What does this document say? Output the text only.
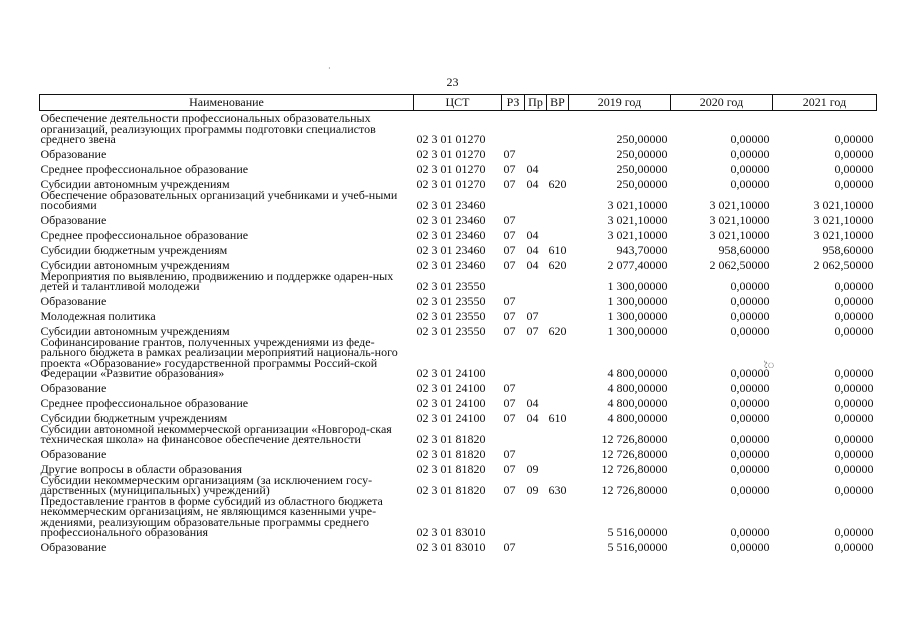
23
·
ৈ
Наименование	ЦСТ	РЗ	Пр	ВР	2019 год	2020 год	2021 год
Обеспечение деятельности профессиональных образовательных организаций, реализующих программы подготовки специалистов среднего звена	02 3 01 01270				250,00000	0,00000	0,00000
Образование	02 3 01 01270	07			250,00000	0,00000	0,00000
Среднее профессиональное образование	02 3 01 01270	07	04		250,00000	0,00000	0,00000
Субсидии автономным учреждениям	02 3 01 01270	07	04	620	250,00000	0,00000	0,00000
Обеспечение образовательных организаций учебниками и учеб-ными пособиями	02 3 01 23460				3 021,10000	3 021,10000	3 021,10000
Образование	02 3 01 23460	07			3 021,10000	3 021,10000	3 021,10000
Среднее профессиональное образование	02 3 01 23460	07	04		3 021,10000	3 021,10000	3 021,10000
Субсидии бюджетным учреждениям	02 3 01 23460	07	04	610	943,70000	958,60000	958,60000
Субсидии автономным учреждениям	02 3 01 23460	07	04	620	2 077,40000	2 062,50000	2 062,50000
Мероприятия по выявлению, продвижению и поддержке одарен-ных детей и талантливой молодежи	02 3 01 23550				1 300,00000	0,00000	0,00000
Образование	02 3 01 23550	07			1 300,00000	0,00000	0,00000
Молодежная политика	02 3 01 23550	07	07		1 300,00000	0,00000	0,00000
Субсидии автономным учреждениям	02 3 01 23550	07	07	620	1 300,00000	0,00000	0,00000
Софинансирование грантов, полученных учреждениями из феде-рального бюджета в рамках реализации мероприятий националь-ного проекта «Образование» государственной программы Россий-ской Федерации «Развитие образования»	02 3 01 24100				4 800,00000	0,00000	0,00000
Образование	02 3 01 24100	07			4 800,00000	0,00000	0,00000
Среднее профессиональное образование	02 3 01 24100	07	04		4 800,00000	0,00000	0,00000
Субсидии бюджетным учреждениям	02 3 01 24100	07	04	610	4 800,00000	0,00000	0,00000
Субсидии автономной некоммерческой организации «Новгород-ская техническая школа» на финансовое обеспечение деятельности	02 3 01 81820				12 726,80000	0,00000	0,00000
Образование	02 3 01 81820	07			12 726,80000	0,00000	0,00000
Другие вопросы в области образования	02 3 01 81820	07	09		12 726,80000	0,00000	0,00000
Субсидии некоммерческим организациям (за исключением госу-дарственных (муниципальных) учреждений)	02 3 01 81820	07	09	630	12 726,80000	0,00000	0,00000
Предоставление грантов в форме субсидий из областного бюджета некоммерческим организациям, не являющимся казенными учре-ждениями, реализующим образовательные программы среднего профессионального образования	02 3 01 83010				5 516,00000	0,00000	0,00000
Образование	02 3 01 83010	07			5 516,00000	0,00000	0,00000
